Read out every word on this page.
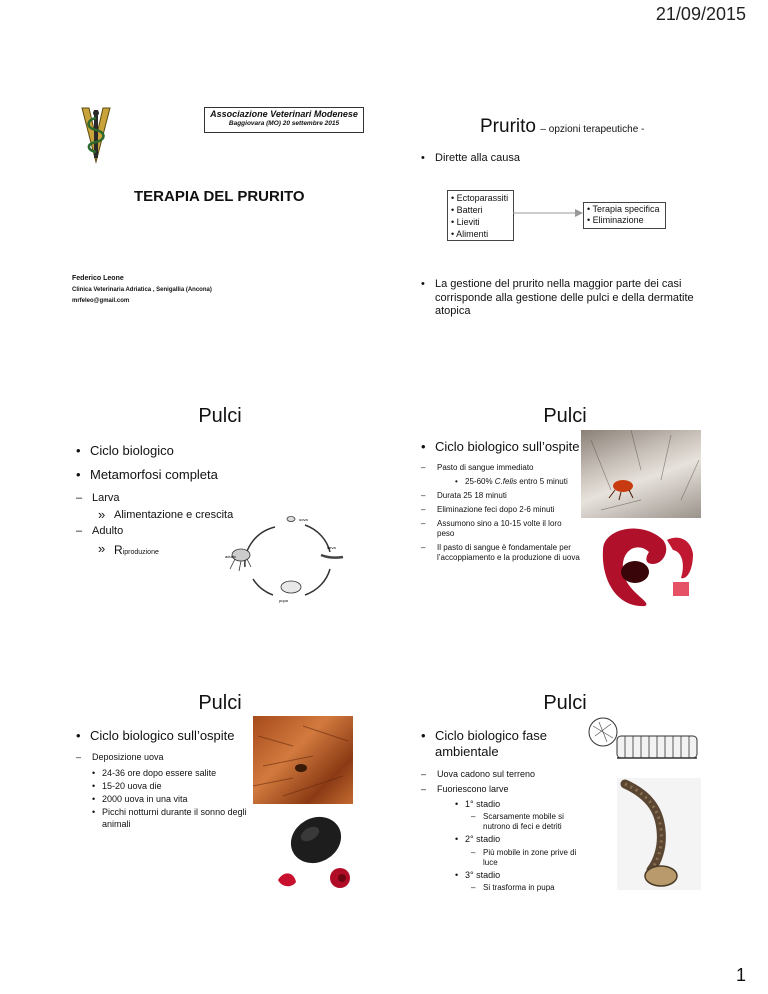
21/09/2015
Associazione Veterinari Modenese
Baggiovara (MO) 20 settembre 2015
TERAPIA DEL PRURITO
Federico Leone
Clinica Veterinaria Adriatica , Senigallia (Ancona)
mrfeleo@gmail.com
Prurito – opzioni terapeutiche -
• Dirette alla causa
• Ectoparassiti
• Batteri
• Lieviti
• Alimenti
• Terapia specifica
• Eliminazione
• La gestione del prurito nella maggior parte dei casi corrisponde alla gestione delle pulci e della dermatite atopica
Pulci
• Ciclo biologico
• Metamorfosi completa
– Larva
» Alimentazione e crescita
– Adulto
» Riproduzione
uova
larva
pupa
adulto
Pulci
• Ciclo biologico sull’ospite
– Pasto di sangue immediato
• 25-60% C.felis entro 5 minuti
– Durata 25 18 minuti
– Eliminazione feci dopo 2-6 minuti
– Assumono sino a 10-15 volte il loro peso
– Il pasto di sangue è fondamentale per l’accoppiamento e la produzione di uova
Pulci
• Ciclo biologico sull’ospite
– Deposizione uova
• 24-36 ore dopo essere salite
• 15-20 uova die
• 2000 uova in una vita
• Picchi notturni durante il sonno degli animali
Pulci
• Ciclo biologico fase ambientale
– Uova cadono sul terreno
– Fuoriescono larve
• 1° stadio
– Scarsamente mobile si nutrono di feci e detriti
• 2° stadio
– Più mobile in zone prive di luce
• 3° stadio
– Si trasforma in pupa
1
